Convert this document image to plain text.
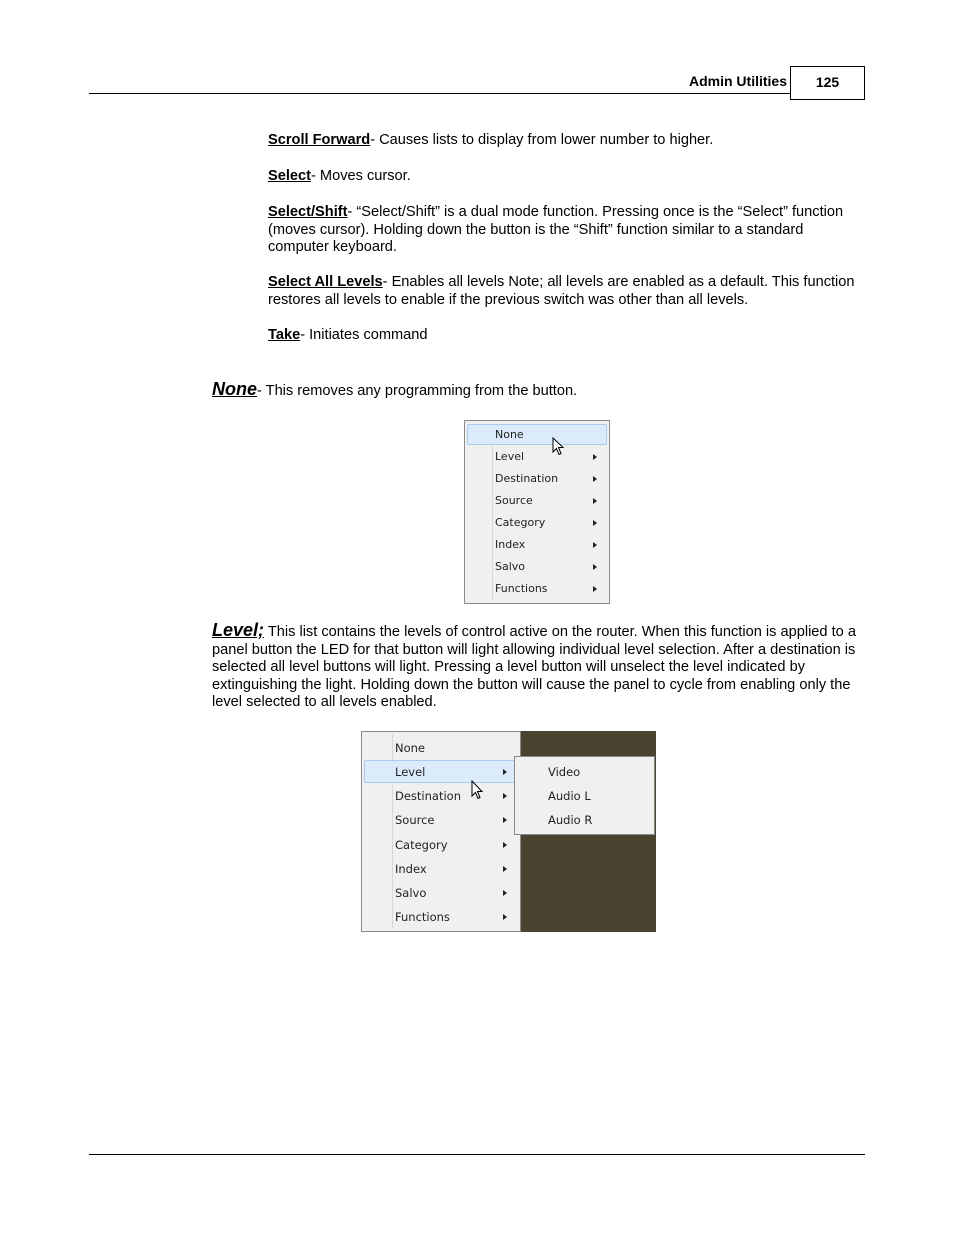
Admin Utilities	125

Scroll Forward- Causes lists to display from lower number to higher.

Select- Moves cursor.

Select/Shift- “Select/Shift” is a dual mode function. Pressing once is the “Select” function (moves cursor). Holding down the button is the “Shift” function similar to a standard computer keyboard.

Select All Levels- Enables all levels Note; all levels are enabled as a default. This function restores all levels to enable if the previous switch was other than all levels.

Take- Initiates command

None- This removes any programming from the button.

None
Level
Destination
Source
Category
Index
Salvo
Functions

Level; This list contains the levels of control active on the router. When this function is applied to a panel button the LED for that button will light allowing individual level selection. After a destination is selected all level buttons will light. Pressing a level button will unselect the level indicated by extinguishing the light. Holding down the button will cause the panel to cycle from enabling only the level selected to all levels enabled.

None
Level
Destination
Source
Category
Index
Salvo
Functions
Video
Audio L
Audio R
